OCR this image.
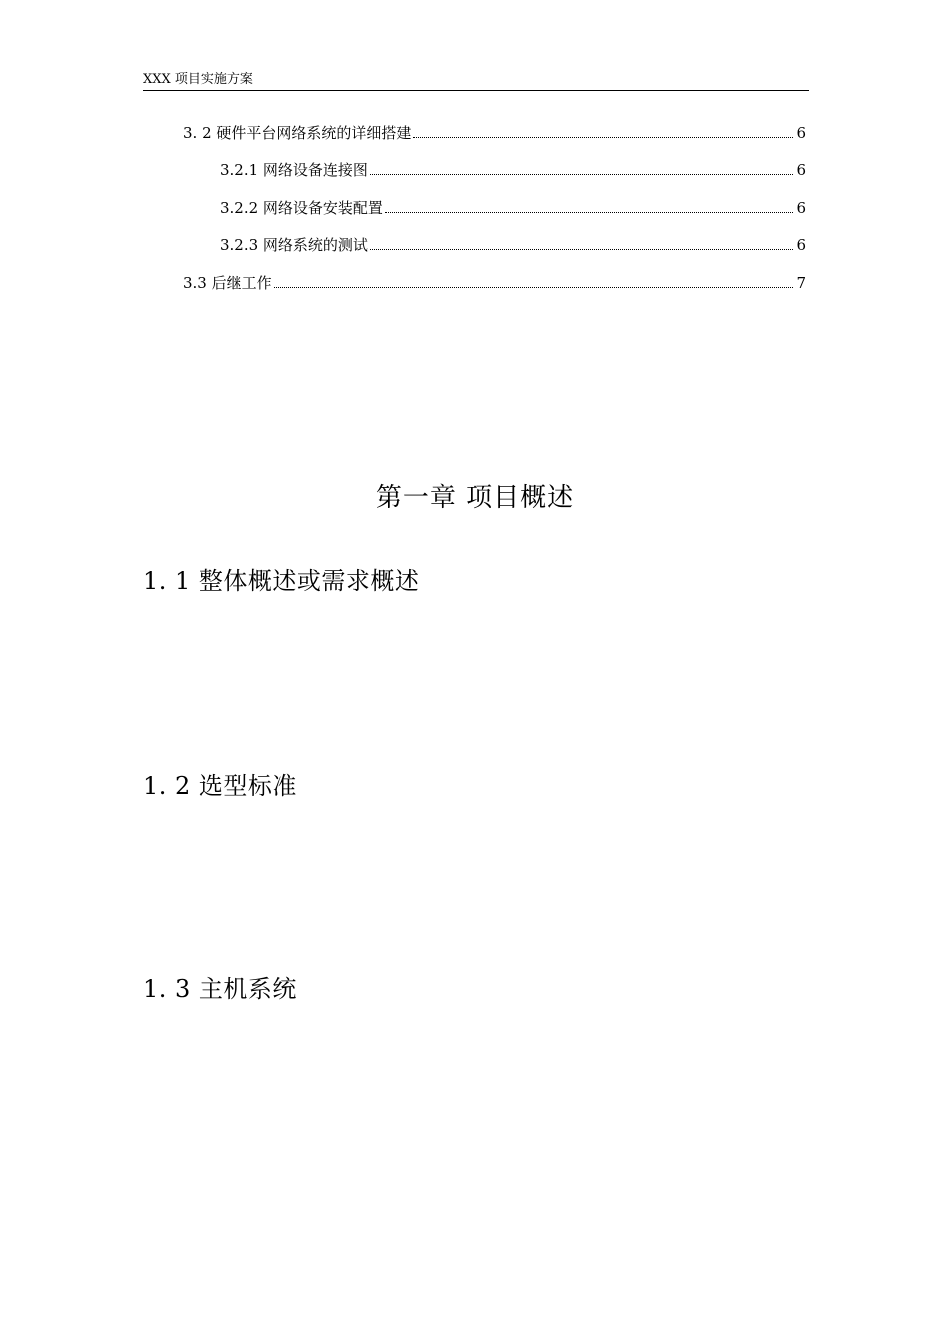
XXX 项目实施方案
3. 2 硬件平台网络系统的详细搭建	6
3.2.1 网络设备连接图	6
3.2.2 网络设备安装配置	6
3.2.3 网络系统的测试	6
3.3 后继工作	7
第一章 项目概述
1. 1 整体概述或需求概述
1. 2 选型标准
1. 3 主机系统
